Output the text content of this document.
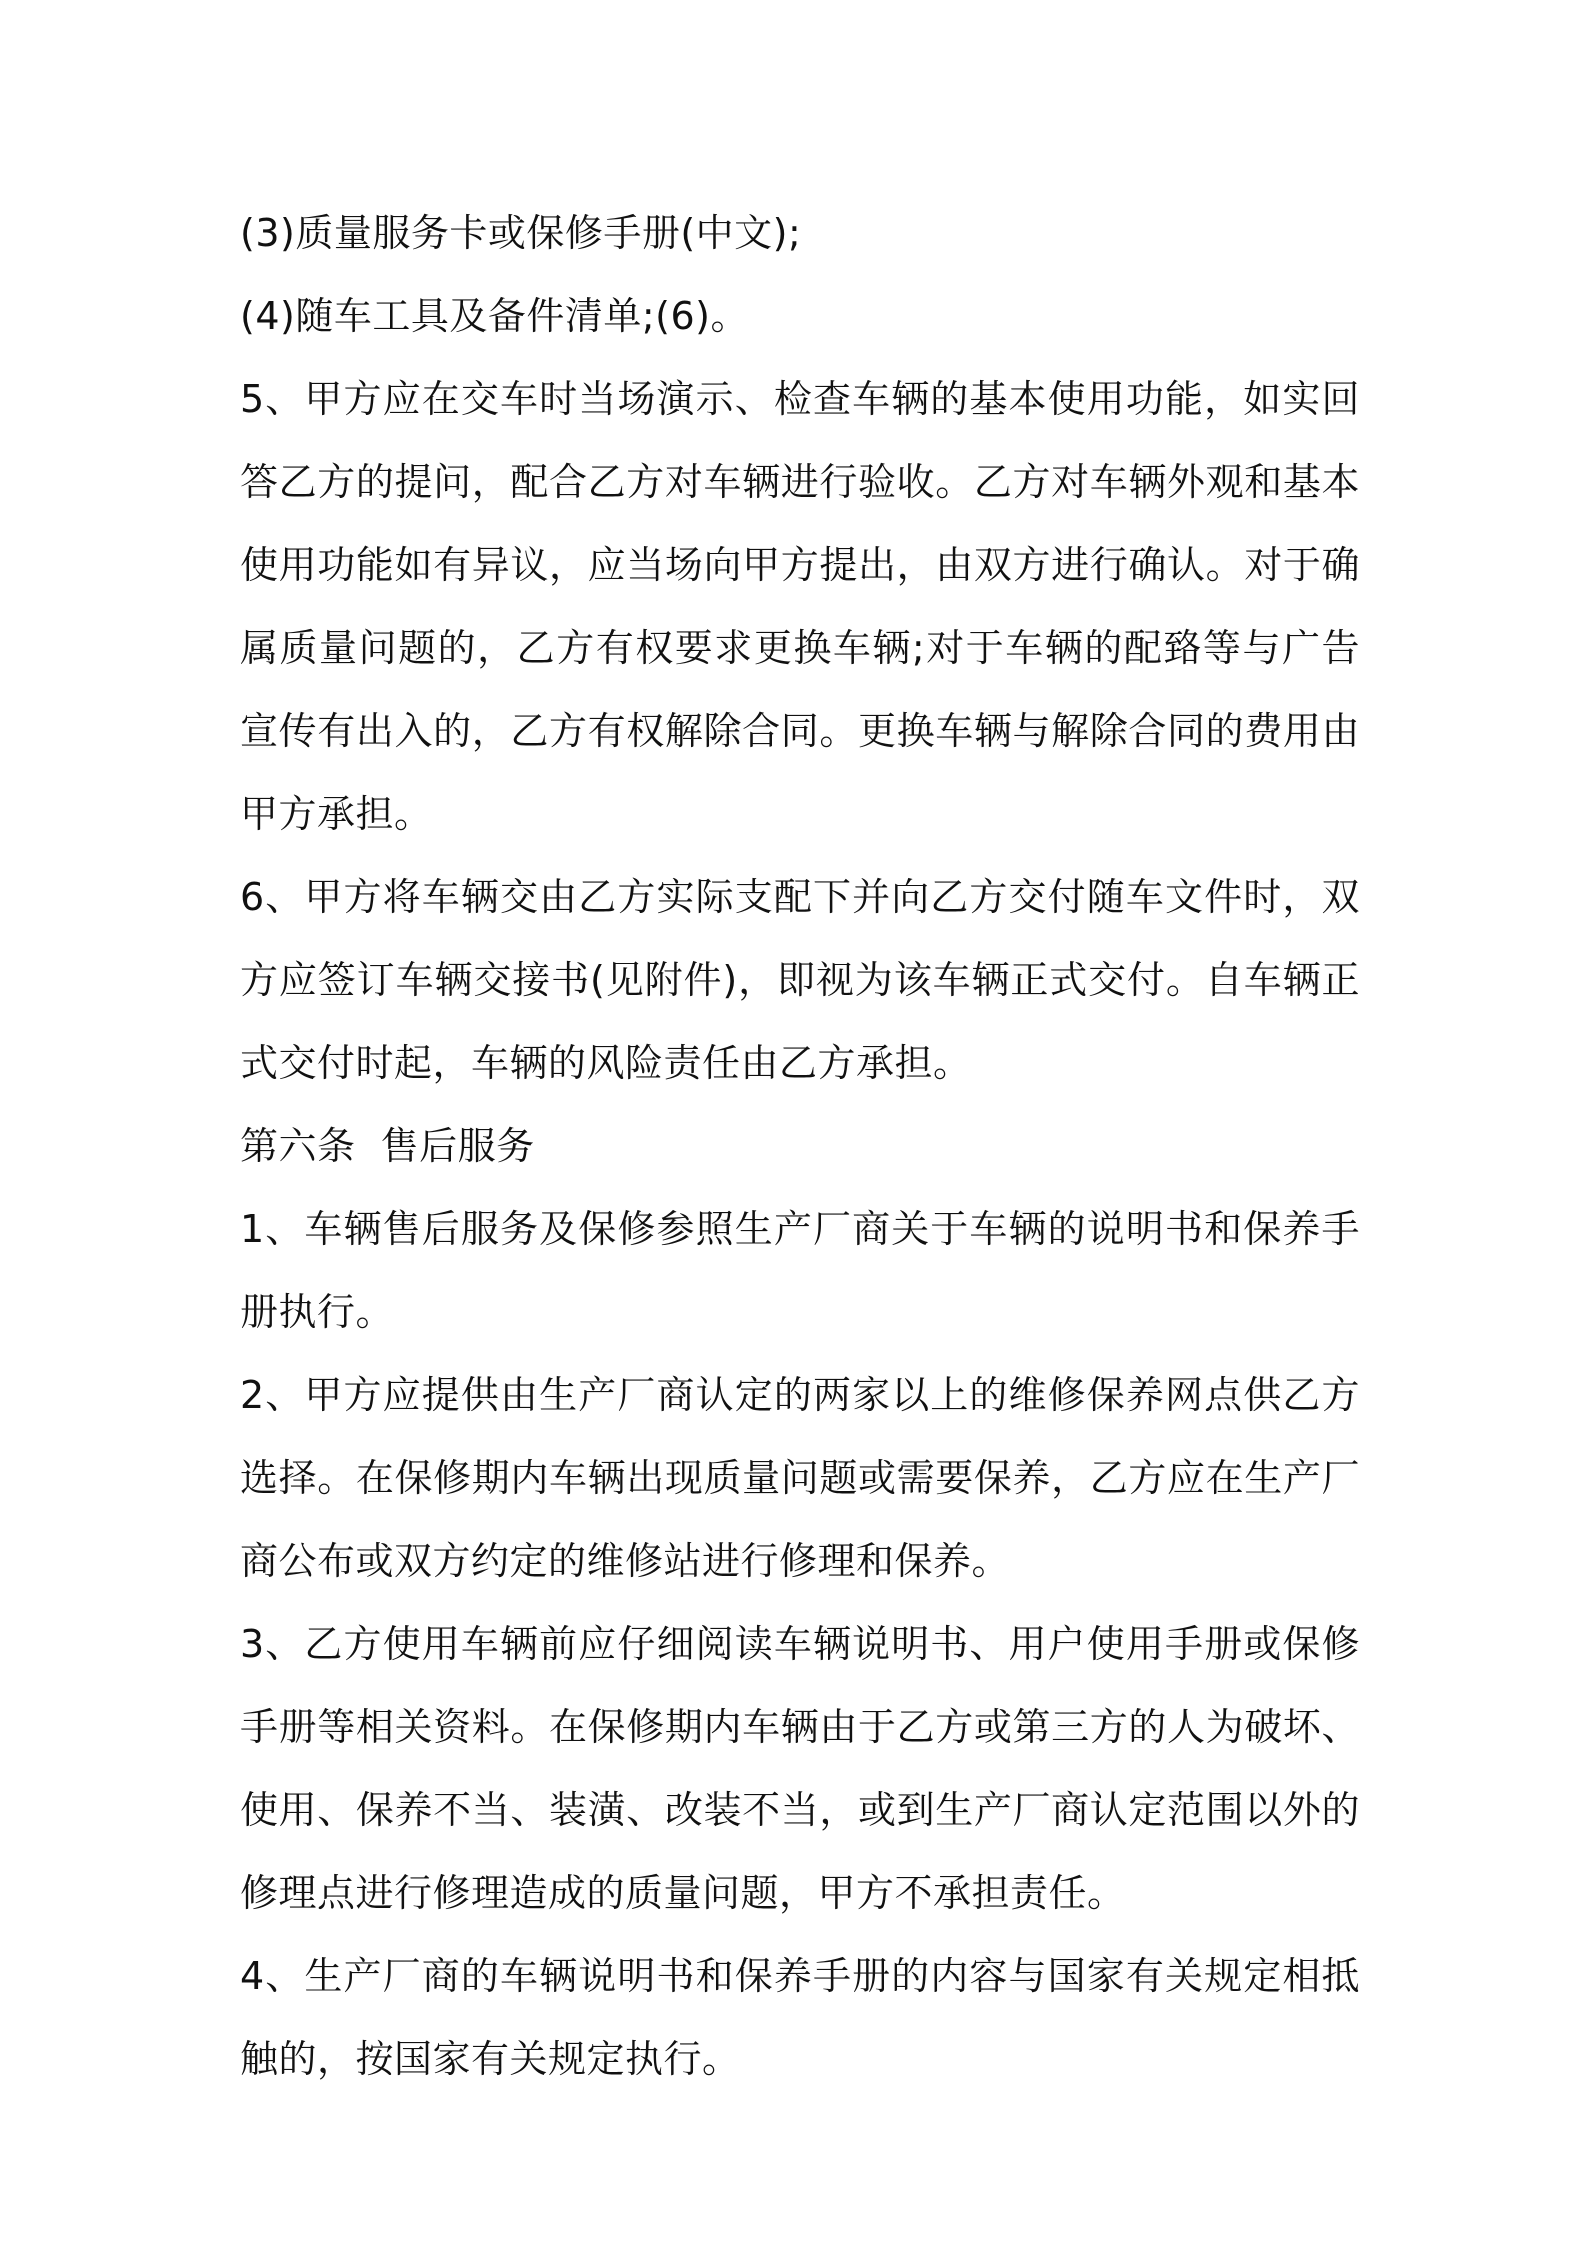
(3)质量服务卡或保修手册(中文);

(4)随车工具及备件清单;(6)。

5、甲方应在交车时当场演示、检查车辆的基本使用功能，如实回答乙方的提问，配合乙方对车辆进行验收。乙方对车辆外观和基本使用功能如有异议，应当场向甲方提出，由双方进行确认。对于确属质量问题的，乙方有权要求更换车辆;对于车辆的配臵等与广告宣传有出入的，乙方有权解除合同。更换车辆与解除合同的费用由甲方承担。

6、甲方将车辆交由乙方实际支配下并向乙方交付随车文件时，双方应签订车辆交接书(见附件)，即视为该车辆正式交付。自车辆正式交付时起，车辆的风险责任由乙方承担。

第六条  售后服务

1、车辆售后服务及保修参照生产厂商关于车辆的说明书和保养手册执行。

2、甲方应提供由生产厂商认定的两家以上的维修保养网点供乙方选择。在保修期内车辆出现质量问题或需要保养，乙方应在生产厂商公布或双方约定的维修站进行修理和保养。

3、乙方使用车辆前应仔细阅读车辆说明书、用户使用手册或保修手册等相关资料。在保修期内车辆由于乙方或第三方的人为破坏、使用、保养不当、装潢、改装不当，或到生产厂商认定范围以外的修理点进行修理造成的质量问题，甲方不承担责任。

4、生产厂商的车辆说明书和保养手册的内容与国家有关规定相抵触的，按国家有关规定执行。
